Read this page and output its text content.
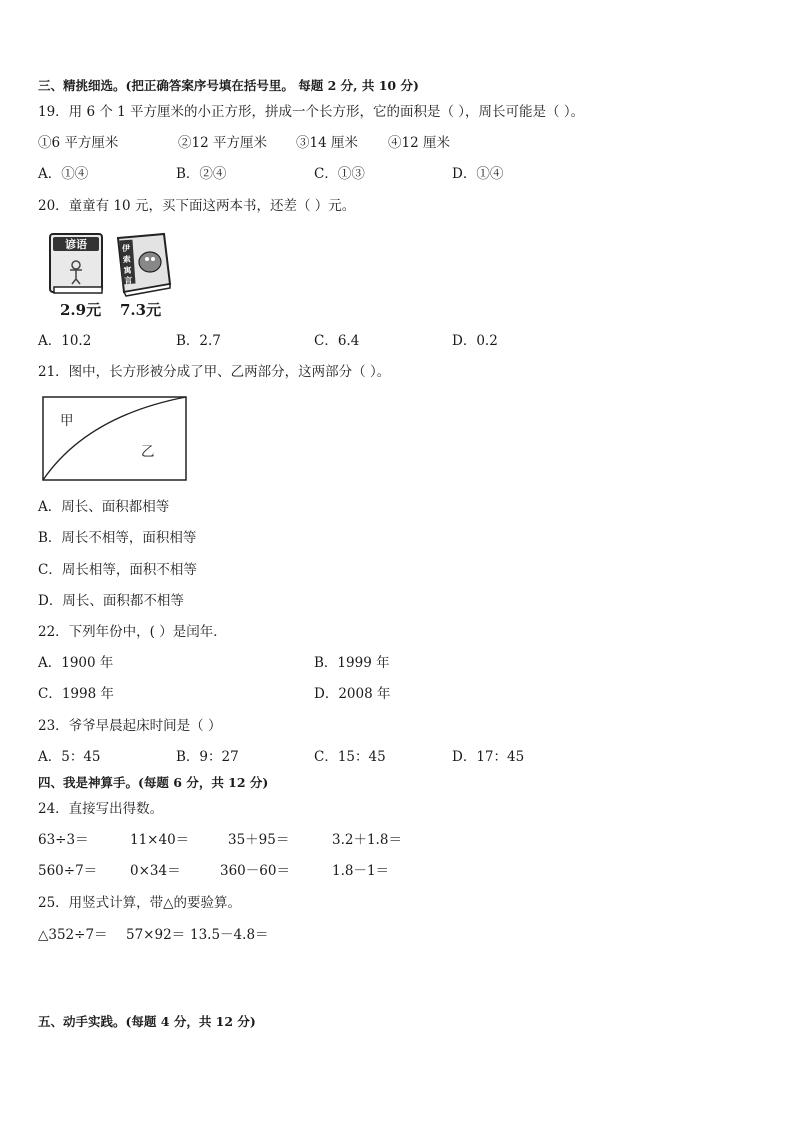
三、精挑细选。(把正确答案序号填在括号里。 每题 2 分, 共 10 分)
19．用 6 个 1 平方厘米的小正方形，拼成一个长方形，它的面积是（ ），周长可能是（ ）。
①6 平方厘米	②12 平方厘米 ③14 厘米 ④12 厘米
A．①④	B．②④	C．①③	D．①④
20．童童有 10 元，买下面这两本书，还差（ ）元。
谚语	伊
索
寓
言
2.9元 7.3元
A．10.2	B．2.7	C．6.4	D．0.2
21．图中，长方形被分成了甲、乙两部分，这两部分（ ）。
甲
乙
A．周长、面积都相等
B．周长不相等，面积相等
C．周长相等，面积不相等
D．周长、面积都不相等
22．下列年份中，( ）是闰年．
A．1900 年	B．1999 年
C．1998 年	D．2008 年
23．爷爷早晨起床时间是（ ）
A．5：45	B．9：27	C．15：45	D．17：45
四、我是神算手。(每题 6 分，共 12 分)
24．直接写出得数。
63÷3＝	11×40＝	35＋95＝	3.2＋1.8＝
560÷7＝ 0×34＝	360－60＝	1.8－1＝
25．用竖式计算，带△的要验算。
△352÷7＝ 57×92＝ 13.5－4.8＝
五、动手实践。(每题 4 分，共 12 分)
